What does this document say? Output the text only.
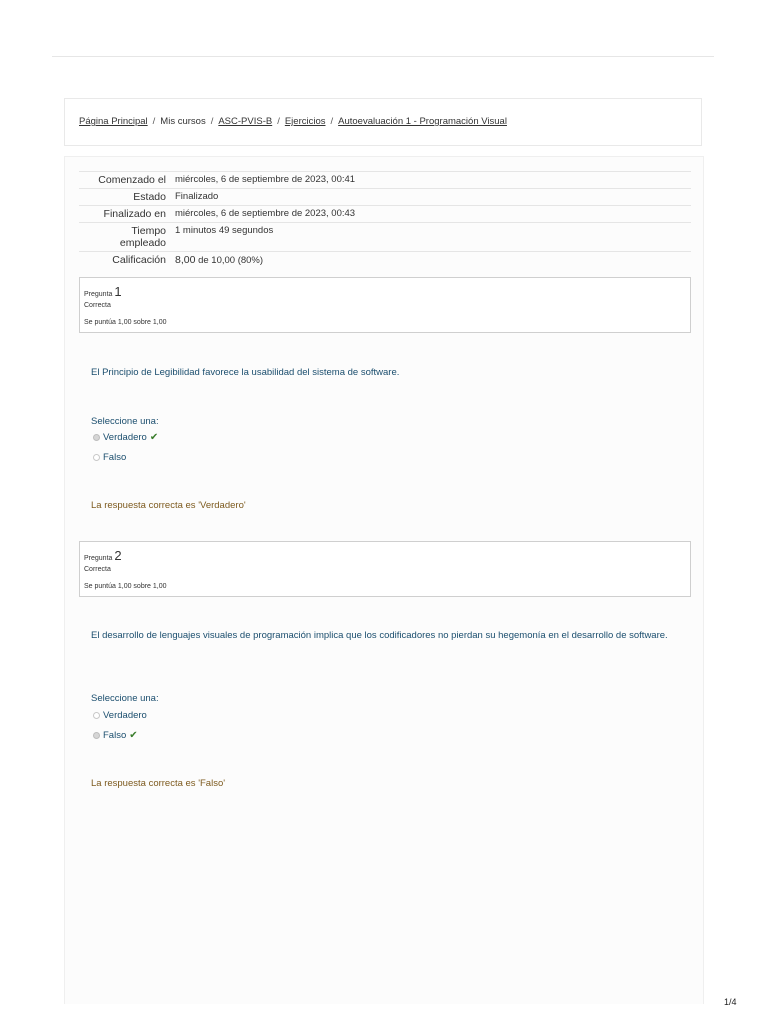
Página Principal / Mis cursos / ASC-PVIS-B / Ejercicios / Autoevaluación 1 - Programación Visual
Comenzado el	miércoles, 6 de septiembre de 2023, 00:41
Estado	Finalizado
Finalizado en	miércoles, 6 de septiembre de 2023, 00:43
Tiempo
empleado	1 minutos 49 segundos
Calificación	8,00 de 10,00 (80%)
Pregunta 1
Correcta
Se puntúa 1,00 sobre 1,00
El Principio de Legibilidad favorece la usabilidad del sistema de software.
Seleccione una:
Verdadero ✔
Falso
La respuesta correcta es 'Verdadero'
Pregunta 2
Correcta
Se puntúa 1,00 sobre 1,00
El desarrollo de lenguajes visuales de programación implica que los codificadores no pierdan su hegemonía en el desarrollo de software.
Seleccione una:
Verdadero
Falso ✔
La respuesta correcta es 'Falso'
1/4
